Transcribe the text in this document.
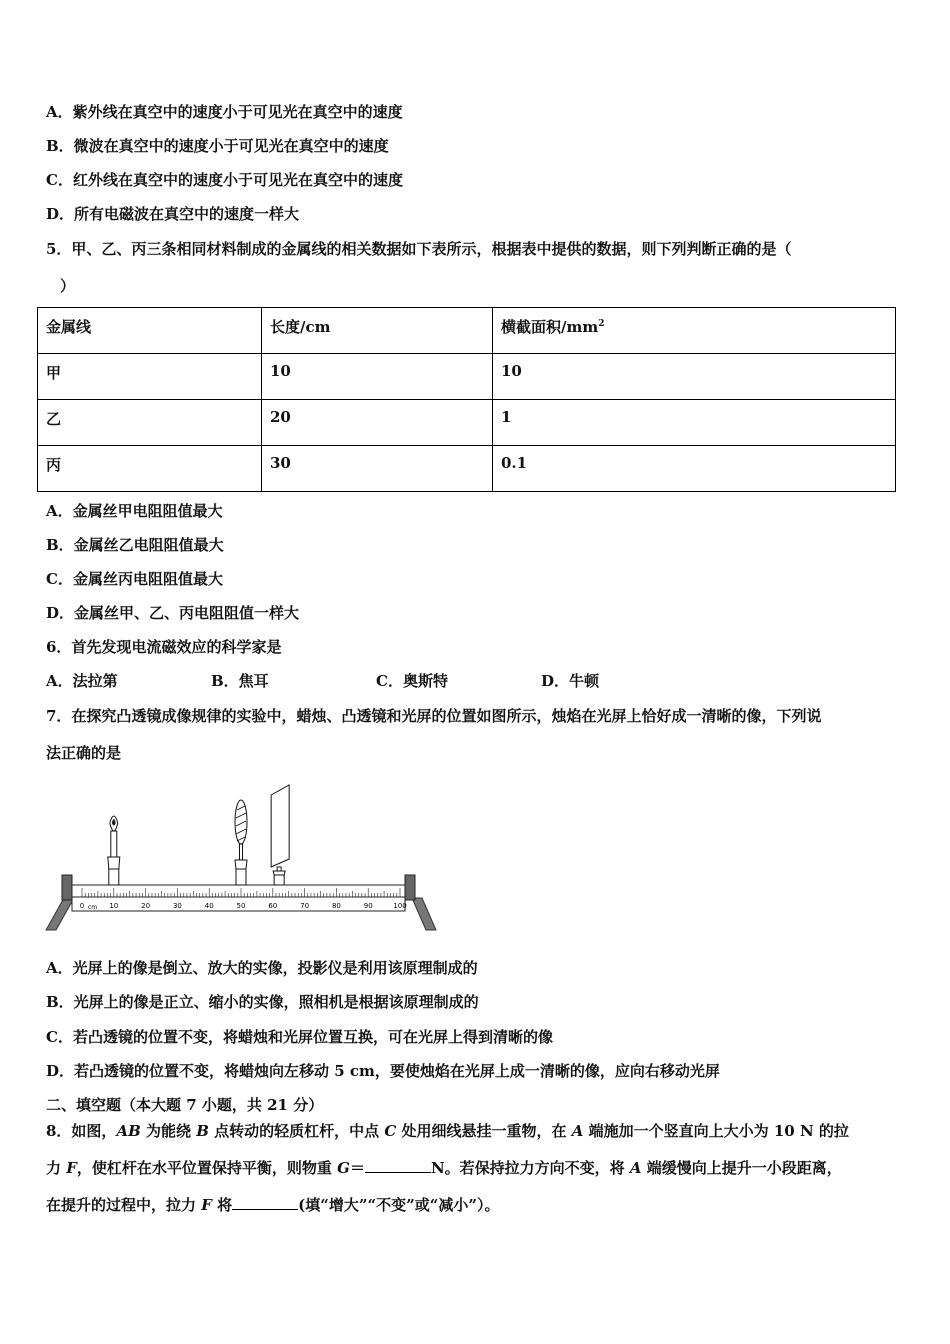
A．紫外线在真空中的速度小于可见光在真空中的速度
B．微波在真空中的速度小于可见光在真空中的速度
C．红外线在真空中的速度小于可见光在真空中的速度
D．所有电磁波在真空中的速度一样大
5．甲、乙、丙三条相同材料制成的金属线的相关数据如下表所示，根据表中提供的数据，则下列判断正确的是（
）
金属线	长度/cm	横截面积$/mm^2$
甲	10	10
乙	20	1
丙	30	0.1
A．金属丝甲电阻阻值最大
B．金属丝乙电阻阻值最大
C．金属丝丙电阻阻值最大
D．金属丝甲、乙、丙电阻阻值一样大
6．首先发现电流磁效应的科学家是
A．法拉第	B．焦耳	C．奥斯特	D．牛顿
7．在探究凸透镜成像规律的实验中，蜡烛、凸透镜和光屏的位置如图所示，烛焰在光屏上恰好成一清晰的像，下列说
法正确的是
0	10	20	30	40	50	60	70	80	90	100
cm
A．光屏上的像是倒立、放大的实像，投影仪是利用该原理制成的
B．光屏上的像是正立、缩小的实像，照相机是根据该原理制成的
C．若凸透镜的位置不变，将蜡烛和光屏位置互换，可在光屏上得到清晰的像
D．若凸透镜的位置不变，将蜡烛向左移动 5 cm，要使烛焰在光屏上成一清晰的像，应向右移动光屏
二、填空题（本大题 7 小题，共 21 分）
8．如图，AB 为能绕 B 点转动的轻质杠杆，中点 C 处用细线悬挂一重物，在 A 端施加一个竖直向上大小为 10 N 的拉
力 F，使杠杆在水平位置保持平衡，则物重 G＝	N。若保持拉力方向不变，将 A 端缓慢向上提升一小段距离，
在提升的过程中，拉力 F 将	(填“增大”“不变”或“减小”）。
